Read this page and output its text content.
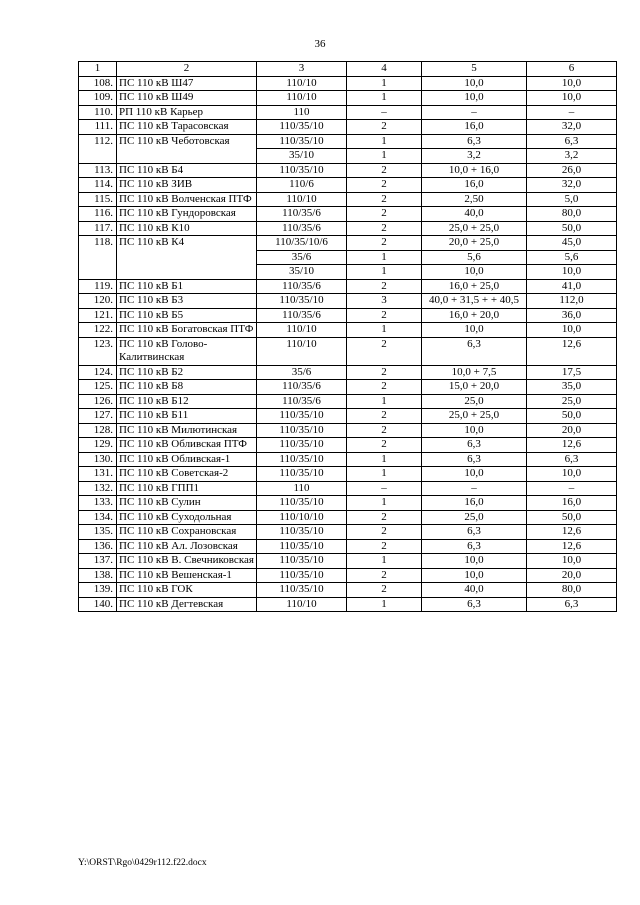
36
1	2	3	4	5	6
108.	ПС 110 кВ Ш47	110/10	1	10,0	10,0
109.	ПС 110 кВ Ш49	110/10	1	10,0	10,0
110.	РП 110 кВ Карьер	110	–	–	–
111.	ПС 110 кВ Тарасовская	110/35/10	2	16,0	32,0
112.	ПС 110 кВ Чеботовская	110/35/10	1	6,3	6,3
		35/10	1	3,2	3,2
113.	ПС 110 кВ Б4	110/35/10	2	10,0 + 16,0	26,0
114.	ПС 110 кВ ЗИВ	110/6	2	16,0	32,0
115.	ПС 110 кВ Волченская ПТФ	110/10	2	2,50	5,0
116.	ПС 110 кВ Гундоровская	110/35/6	2	40,0	80,0
117.	ПС 110 кВ К10	110/35/6	2	25,0 + 25,0	50,0
118.	ПС 110 кВ К4	110/35/10/6	2	20,0 + 25,0	45,0
		35/6	1	5,6	5,6
		35/10	1	10,0	10,0
119.	ПС 110 кВ Б1	110/35/6	2	16,0 + 25,0	41,0
120.	ПС 110 кВ Б3	110/35/10	3	40,0 + 31,5 + + 40,5	112,0
121.	ПС 110 кВ Б5	110/35/6	2	16,0 + 20,0	36,0
122.	ПС 110 кВ Богатовская ПТФ	110/10	1	10,0	10,0
123.	ПС 110 кВ Голово-Калитвинская	110/10	2	6,3	12,6
124.	ПС 110 кВ Б2	35/6	2	10,0 + 7,5	17,5
125.	ПС 110 кВ Б8	110/35/6	2	15,0 + 20,0	35,0
126.	ПС 110 кВ Б12	110/35/6	1	25,0	25,0
127.	ПС 110 кВ Б11	110/35/10	2	25,0 + 25,0	50,0
128.	ПС 110 кВ Милютинская	110/35/10	2	10,0	20,0
129.	ПС 110 кВ Обливская ПТФ	110/35/10	2	6,3	12,6
130.	ПС 110 кВ Обливская-1	110/35/10	1	6,3	6,3
131.	ПС 110 кВ Советская-2	110/35/10	1	10,0	10,0
132.	ПС 110 кВ ГПП1	110	–	–	–
133.	ПС 110 кВ Сулин	110/35/10	1	16,0	16,0
134.	ПС 110 кВ Суходольная	110/10/10	2	25,0	50,0
135.	ПС 110 кВ Сохрановская	110/35/10	2	6,3	12,6
136.	ПС 110 кВ Ал. Лозовская	110/35/10	2	6,3	12,6
137.	ПС 110 кВ В. Свечниковская	110/35/10	1	10,0	10,0
138.	ПС 110 кВ Вешенская-1	110/35/10	2	10,0	20,0
139.	ПС 110 кВ ГОК	110/35/10	2	40,0	80,0
140.	ПС 110 кВ Дегтевская	110/10	1	6,3	6,3
Y:\ORST\Rgo\0429r112.f22.docx
